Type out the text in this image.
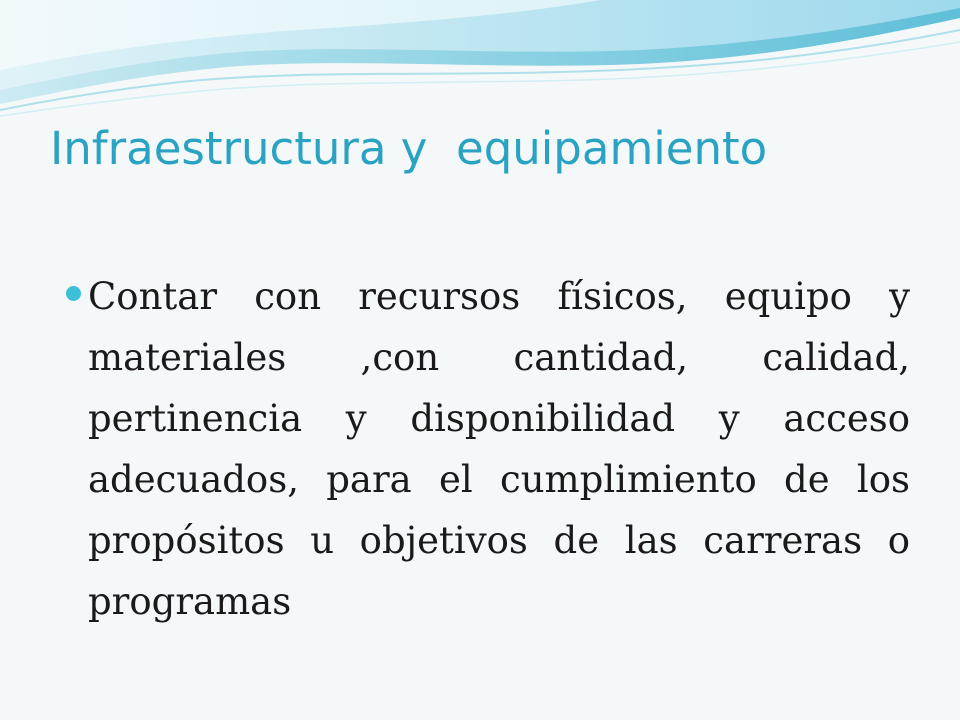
Infraestructura y  equipamiento
Contar con recursos físicos, equipo y materiales ,con cantidad, calidad, pertinencia y disponibilidad y acceso adecuados, para el cumplimiento de los propósitos u objetivos de las carreras o programas
